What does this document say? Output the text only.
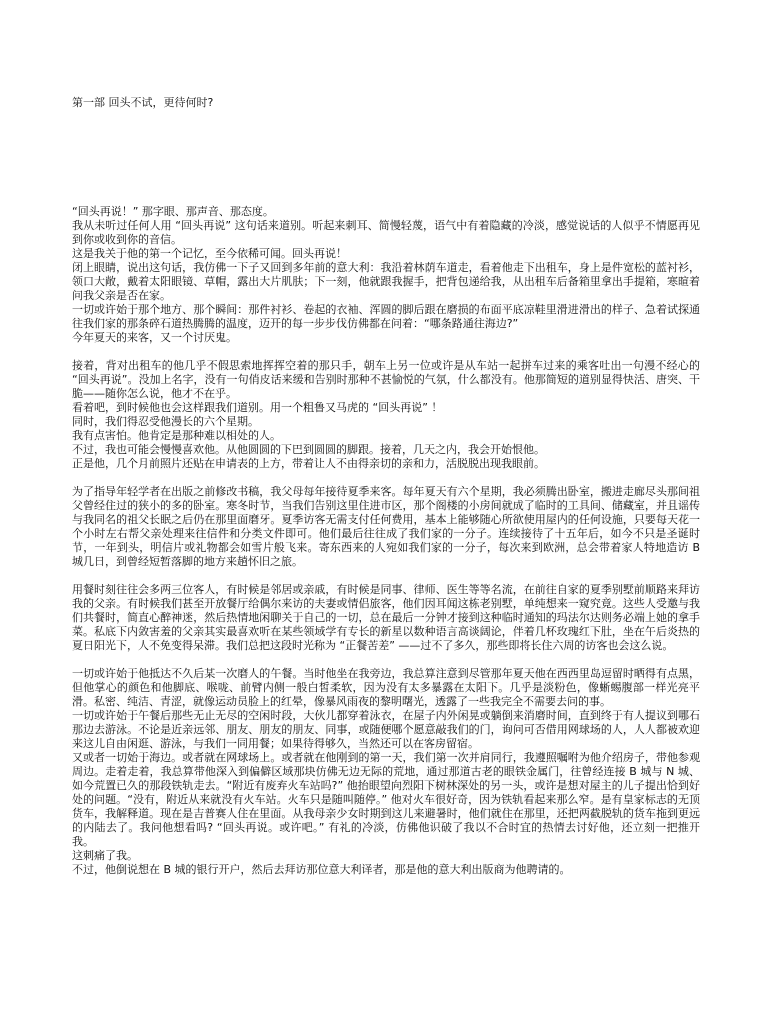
第一部 回头不试，更待何时?

“回头再说！” 那字眼、那声音、那态度。

我从未听过任何人用 “回头再说” 这句话来道别。听起来刺耳、简慢轻蔑，语气中有着隐藏的冷淡，感觉说话的人似乎不情愿再见到你或收到你的音信。

这是我关于他的第一个记忆，至今依稀可闻。回头再说！

闭上眼睛，说出这句话，我仿佛一下子又回到多年前的意大利：我沿着林荫车道走，看着他走下出租车，身上是件宽松的蓝衬衫，领口大敞，戴着太阳眼镜、草帽，露出大片肌肤；下一刻，他就跟我握手，把背包递给我，从出租车后备箱里拿出手提箱，寒暄着问我父亲是否在家。

一切或许始于那个地方、那个瞬间：那件衬衫、卷起的衣袖、浑圆的脚后跟在磨损的布面平底凉鞋里滑进滑出的样子、急着试探通往我们家的那条碎石道热腾腾的温度，迈开的每一步步伐仿佛都在问着：“哪条路通往海边?”

今年夏天的来客，又一个讨厌鬼。

接着，背对出租车的他几乎不假思索地挥挥空着的那只手，朝车上另一位或许是从车站一起拼车过来的乘客吐出一句漫不经心的 “回头再说”。没加上名字，没有一句俏皮话来缓和告别时那种不甚愉悦的气氛，什么都没有。他那简短的道别显得快活、唐突、干脆——随你怎么说，他才不在乎。

看着吧，到时候他也会这样跟我们道别。用一个粗鲁又马虎的 “回头再说” ！

同时，我们得忍受他漫长的六个星期。

我有点害怕。他肯定是那种难以相处的人。

不过，我也可能会慢慢喜欢他。从他圆圆的下巴到圆圆的脚跟。接着，几天之内，我会开始恨他。

正是他，几个月前照片还贴在申请表的上方，带着让人不由得亲切的亲和力，活脱脱出现我眼前。

为了指导年轻学者在出版之前修改书稿，我父母每年接待夏季来客。每年夏天有六个星期，我必须腾出卧室，搬进走廊尽头那间祖父曾经住过的狭小的多的卧室。寒冬时节，当我们告别这里住进市区，那个阁楼的小房间就成了临时的工具间、储藏室，并且谣传与我同名的祖父长眠之后仍在那里面磨牙。夏季访客无需支付任何费用，基本上能够随心所欲使用屋内的任何设施，只要每天花一个小时左右帮父亲处理来往信件和分类文件即可。他们最后往往成了我们家的一分子。连续接待了十五年后，如今不只是圣诞时节，一年到头，明信片或礼物都会如雪片般飞来。寄东西来的人宛如我们家的一分子，每次来到欧洲，总会带着家人特地造访 B 城几日，到曾经短暂落脚的地方来趟怀旧之旅。

用餐时刻往往会多两三位客人，有时候是邻居或亲戚，有时候是同事、律师、医生等等名流，在前往自家的夏季别墅前顺路来拜访我的父亲。有时候我们甚至开放餐厅给偶尔来访的夫妻或情侣旅客，他们因耳闻这栋老别墅，单纯想来一窥究竟。这些人受邀与我们共餐时，简直心醉神迷，然后热情地闲聊关于自己的一切，总在最后一分钟才接到这种临时通知的玛法尔达则务必端上她的拿手菜。私底下内敛害羞的父亲其实最喜欢听在某些领域学有专长的新星以数种语言高谈阔论，伴着几杯玫瑰红下肚，坐在午后炎热的夏日阳光下，人不免变得呆滞。我们总把这段时光称为 “正餐苦差” ——过不了多久，那些即将长住六周的访客也会这么说。

一切或许始于他抵达不久后某一次磨人的午餐。当时他坐在我旁边，我总算注意到尽管那年夏天他在西西里岛逗留时晒得有点黑，但他掌心的颜色和他脚底、喉咙、前臂内侧一般白皙柔软，因为没有太多暴露在太阳下。几乎是淡粉色，像蜥蜴腹部一样光亮平滑。私密、纯洁、青涩，就像运动员脸上的红晕，像暴风雨夜的黎明曙光，透露了一些我完全不需要去问的事。

一切或许始于午餐后那些无止无尽的空闲时段，大伙儿都穿着泳衣，在屋子内外闲晃或躺倒来消磨时间，直到终于有人提议到哪石那边去游泳。不论是近亲远邻、朋友、朋友的朋友、同事，或随便哪个愿意敲我们的门，询问可否借用网球场的人，人人都被欢迎来这儿自由闲逛、游泳，与我们一同用餐；如果待得够久，当然还可以在客房留宿。

又或者一切始于海边。或者就在网球场上。或者就在他刚到的第一天，我们第一次并肩同行，我遵照嘱咐为他介绍房子，带他参观周边。走着走着，我总算带他深入到偏僻区域那块仿佛无边无际的荒地，通过那道古老的眼铁金属门，往曾经连接 B 城与 N 城、如今荒置已久的那段铁轨走去。“附近有废弃火车站吗?” 他抬眼望向烈阳下树林深处的另一头，或许是想对屋主的儿子提出恰到好处的问题。“没有，附近从来就没有火车站。火车只是随叫随停。” 他对火车很好奇，因为铁轨看起来那么窄。是有皇家标志的无顶货车，我解释道。现在是吉普赛人住在里面。从我母亲少女时期到这儿来避暑时，他们就住在那里，还把两截脱轨的货车拖到更远的内陆去了。我问他想看吗? “回头再说。或许吧。” 有礼的冷淡，仿佛他识破了我以不合时宜的热情去讨好他，还立刻一把推开我。

这刺痛了我。

不过，他倒说想在 B 城的银行开户，然后去拜访那位意大利译者，那是他的意大利出版商为他聘请的。
